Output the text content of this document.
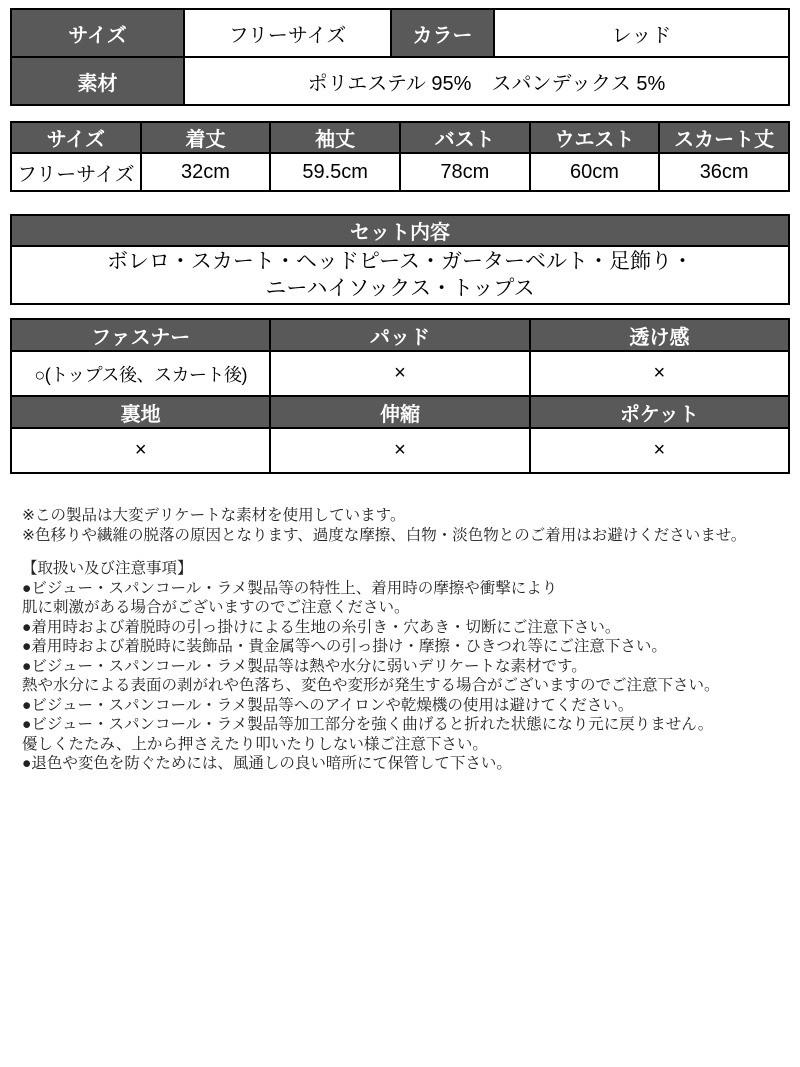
サイズ	フリーサイズ	カラー	レッド
素材	ポリエステル 95%　スパンデックス 5%		
サイズ	着丈	袖丈	バスト	ウエスト	スカート丈
フリーサイズ	32cm	59.5cm	78cm	60cm	36cm
セット内容

ボレロ・スカート・ヘッドピース・ガーターベルト・足飾り・
ニーハイソックス・トップス
ファスナー	パッド	透け感
○(トップス後、スカート後)	×	×
裏地	伸縮	ポケット
×	×	×
※この製品は大変デリケートな素材を使用しています。
※色移りや繊維の脱落の原因となります、過度な摩擦、白物・淡色物とのご着用はお避けくださいませ。
【取扱い及び注意事項】
●ビジュー・スパンコール・ラメ製品等の特性上、着用時の摩擦や衝撃により
肌に刺激がある場合がございますのでご注意ください。
●着用時および着脱時の引っ掛けによる生地の糸引き・穴あき・切断にご注意下さい。
●着用時および着脱時に装飾品・貴金属等への引っ掛け・摩擦・ひきつれ等にご注意下さい。
●ビジュー・スパンコール・ラメ製品等は熱や水分に弱いデリケートな素材です。
熱や水分による表面の剥がれや色落ち、変色や変形が発生する場合がございますのでご注意下さい。
●ビジュー・スパンコール・ラメ製品等へのアイロンや乾燥機の使用は避けてください。
●ビジュー・スパンコール・ラメ製品等加工部分を強く曲げると折れた状態になり元に戻りません。
優しくたたみ、上から押さえたり叩いたりしない様ご注意下さい。
●退色や変色を防ぐためには、風通しの良い暗所にて保管して下さい。
